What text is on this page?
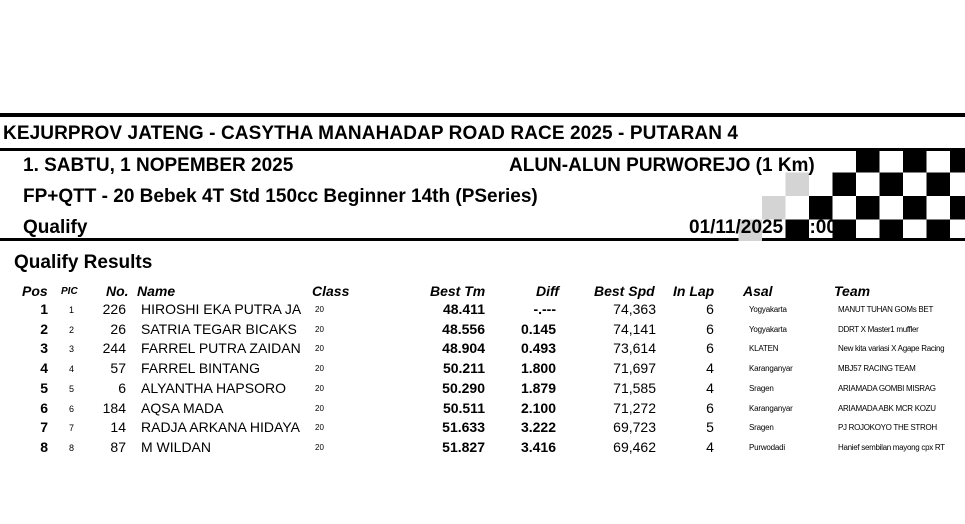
KEJURPROV JATENG - CASYTHA MANAHADAP ROAD RACE 2025 - PUTARAN 4
1. SABTU, 1 NOPEMBER 2025	ALUN-ALUN PURWOREJO (1 Km)
FP+QTT - 20 Bebek 4T Std 150cc Beginner 14th (PSeries)
Qualify	01/11/2025 09:00
Qualify Results
Pos PIC No. Name	Class	Best Tm	Diff Best Spd In Lap Asal	Team
1	1	226 HIROSHI EKA PUTRA JA 20	48.411	-.---	74,363	6	Yogyakarta	MANUT TUHAN GOMs BET
2	2	26 SATRIA TEGAR BICAKS	20	48.556	0.145	74,141	6	Yogyakarta	DDRT X Master1 muffler
3	3	244 FARREL PUTRA ZAIDAN 20	48.904	0.493	73,614	6	KLATEN	New kita variasi X Agape Racing
4	4	57 FARREL BINTANG	20	50.211	1.800	71,697	4	Karanganyar	MBJ57 RACING TEAM
5	5	6 ALYANTHA HAPSORO	20	50.290	1.879	71,585	4	Sragen	ARIAMADA GOMBI MISRAG
6	6	184 AQSA MADA	20	50.511	2.100	71,272	6	Karanganyar	ARIAMADA ABK MCR KOZU
7	7	14 RADJA ARKANA HIDAYA 20	51.633	3.222	69,723	5	Sragen	PJ ROJOKOYO THE STROH
8	8	87 M WILDAN	20	51.827	3.416	69,462	4	Purwodadi	Hanief sembilan mayong cpx RT
